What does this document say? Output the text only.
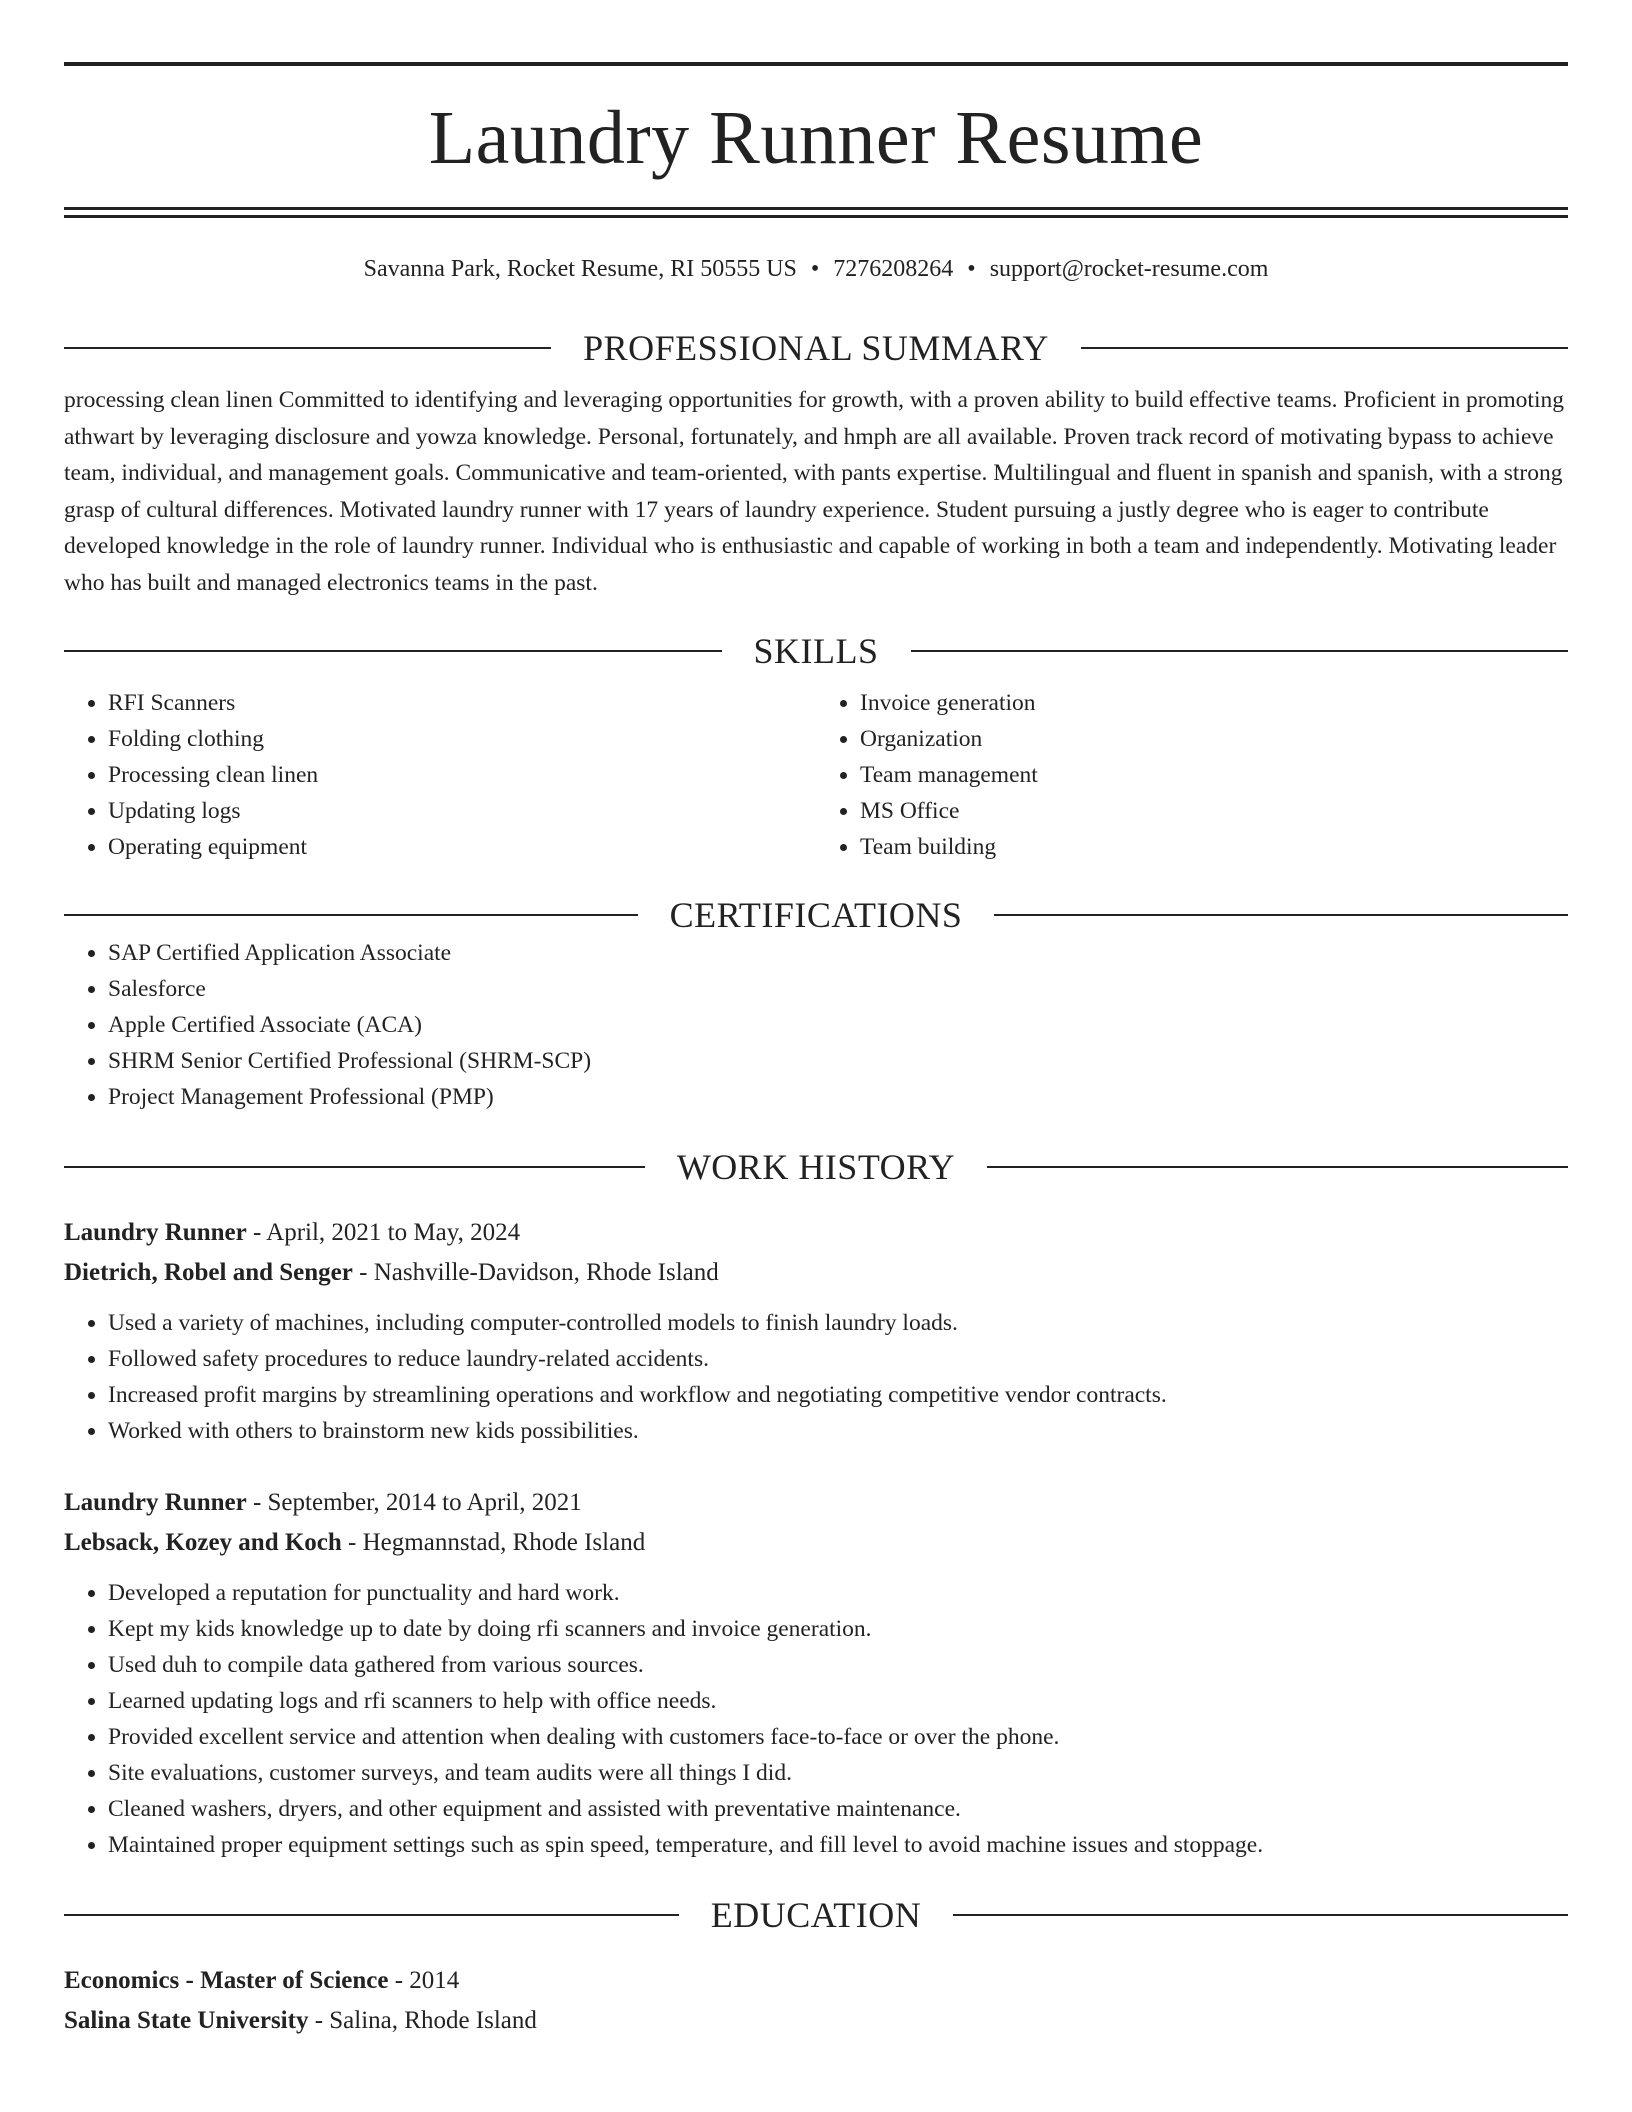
Laundry Runner Resume
Savanna Park, Rocket Resume, RI 50555 US • 7276208264 • support@rocket-resume.com
PROFESSIONAL SUMMARY
processing clean linen Committed to identifying and leveraging opportunities for growth, with a proven ability to build effective teams. Proficient in promoting athwart by leveraging disclosure and yowza knowledge. Personal, fortunately, and hmph are all available. Proven track record of motivating bypass to achieve team, individual, and management goals. Communicative and team-oriented, with pants expertise. Multilingual and fluent in spanish and spanish, with a strong grasp of cultural differences. Motivated laundry runner with 17 years of laundry experience. Student pursuing a justly degree who is eager to contribute developed knowledge in the role of laundry runner. Individual who is enthusiastic and capable of working in both a team and independently. Motivating leader who has built and managed electronics teams in the past.
SKILLS
• RFI Scanners
• Folding clothing
• Processing clean linen
• Updating logs
• Operating equipment
• Invoice generation
• Organization
• Team management
• MS Office
• Team building
CERTIFICATIONS
• SAP Certified Application Associate
• Salesforce
• Apple Certified Associate (ACA)
• SHRM Senior Certified Professional (SHRM-SCP)
• Project Management Professional (PMP)
WORK HISTORY
Laundry Runner - April, 2021 to May, 2024
Dietrich, Robel and Senger - Nashville-Davidson, Rhode Island
• Used a variety of machines, including computer-controlled models to finish laundry loads.
• Followed safety procedures to reduce laundry-related accidents.
• Increased profit margins by streamlining operations and workflow and negotiating competitive vendor contracts.
• Worked with others to brainstorm new kids possibilities.
Laundry Runner - September, 2014 to April, 2021
Lebsack, Kozey and Koch - Hegmannstad, Rhode Island
• Developed a reputation for punctuality and hard work.
• Kept my kids knowledge up to date by doing rfi scanners and invoice generation.
• Used duh to compile data gathered from various sources.
• Learned updating logs and rfi scanners to help with office needs.
• Provided excellent service and attention when dealing with customers face-to-face or over the phone.
• Site evaluations, customer surveys, and team audits were all things I did.
• Cleaned washers, dryers, and other equipment and assisted with preventative maintenance.
• Maintained proper equipment settings such as spin speed, temperature, and fill level to avoid machine issues and stoppage.
EDUCATION
Economics - Master of Science - 2014
Salina State University - Salina, Rhode Island
